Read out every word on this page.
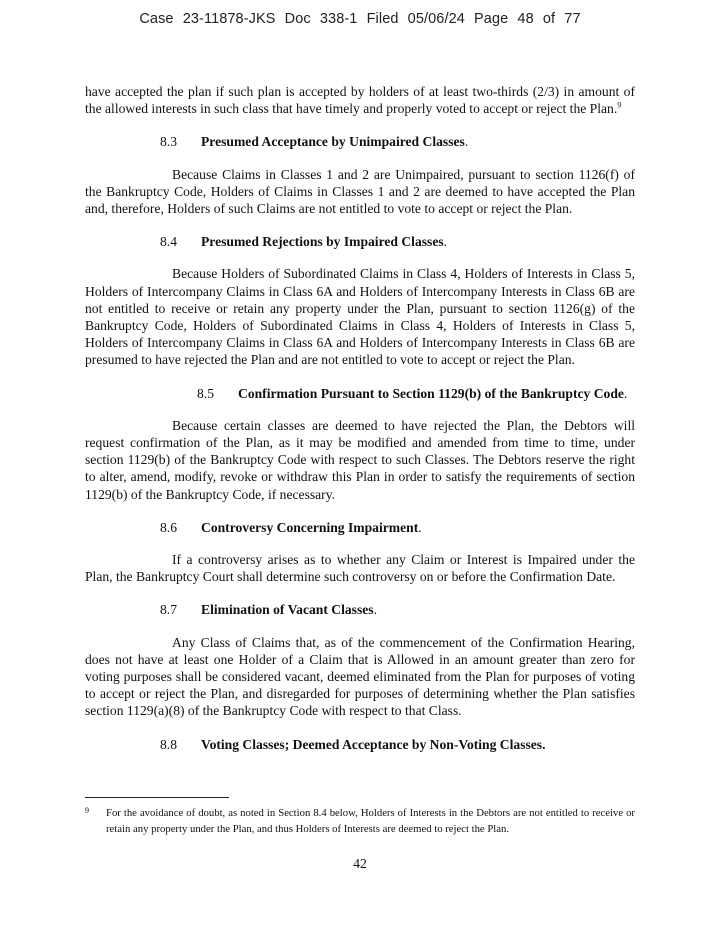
Case 23-11878-JKS Doc 338-1 Filed 05/06/24 Page 48 of 77

have accepted the plan if such plan is accepted by holders of at least two-thirds (2/3) in amount of the allowed interests in such class that have timely and properly voted to accept or reject the Plan.$^9$

8.3	Presumed Acceptance by Unimpaired Classes.

Because Claims in Classes 1 and 2 are Unimpaired, pursuant to section 1126(f) of the Bankruptcy Code, Holders of Claims in Classes 1 and 2 are deemed to have accepted the Plan and, therefore, Holders of such Claims are not entitled to vote to accept or reject the Plan.

8.4	Presumed Rejections by Impaired Classes.

Because Holders of Subordinated Claims in Class 4, Holders of Interests in Class 5, Holders of Intercompany Claims in Class 6A and Holders of Intercompany Interests in Class 6B are not entitled to receive or retain any property under the Plan, pursuant to section 1126(g) of the Bankruptcy Code, Holders of Subordinated Claims in Class 4, Holders of Interests in Class 5, Holders of Intercompany Claims in Class 6A and Holders of Intercompany Interests in Class 6B are presumed to have rejected the Plan and are not entitled to vote to accept or reject the Plan.

8.5	Confirmation Pursuant to Section 1129(b) of the Bankruptcy Code.

Because certain classes are deemed to have rejected the Plan, the Debtors will request confirmation of the Plan, as it may be modified and amended from time to time, under section 1129(b) of the Bankruptcy Code with respect to such Classes. The Debtors reserve the right to alter, amend, modify, revoke or withdraw this Plan in order to satisfy the requirements of section 1129(b) of the Bankruptcy Code, if necessary.

8.6	Controversy Concerning Impairment.

If a controversy arises as to whether any Claim or Interest is Impaired under the Plan, the Bankruptcy Court shall determine such controversy on or before the Confirmation Date.

8.7	Elimination of Vacant Classes.

Any Class of Claims that, as of the commencement of the Confirmation Hearing, does not have at least one Holder of a Claim that is Allowed in an amount greater than zero for voting purposes shall be considered vacant, deemed eliminated from the Plan for purposes of voting to accept or reject the Plan, and disregarded for purposes of determining whether the Plan satisfies section 1129(a)(8) of the Bankruptcy Code with respect to that Class.

8.8	Voting Classes; Deemed Acceptance by Non-Voting Classes.
9	For the avoidance of doubt, as noted in Section 8.4 below, Holders of Interests in the Debtors are not entitled to receive or retain any property under the Plan, and thus Holders of Interests are deemed to reject the Plan.
42
